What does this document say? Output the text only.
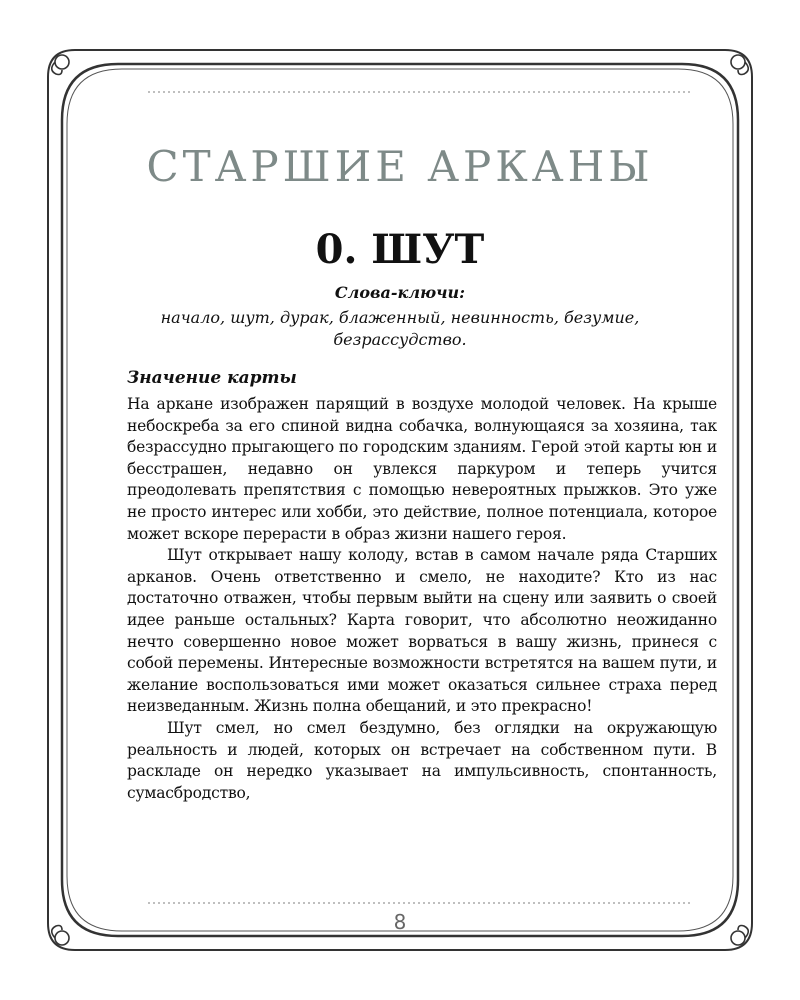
СТАРШИЕ АРКАНЫ
0. ШУТ
Слова-ключи:
начало, шут, дурак, блаженный, невинность, безумие, безрассудство.
Значение карты

На аркане изображен парящий в воздухе молодой человек. На крыше небоскреба за его спиной видна собачка, волнующаяся за хозяина, так безрассудно прыгающего по городским зданиям. Герой этой карты юн и бесстрашен, недавно он увлекся паркуром и теперь учится преодолевать препятствия с помощью невероятных прыжков. Это уже не просто интерес или хобби, это действие, полное потенциала, которое может вскоре перерасти в образ жизни нашего героя.

Шут открывает нашу колоду, встав в самом начале ряда Старших арканов. Очень ответственно и смело, не находите? Кто из нас достаточно отважен, чтобы первым выйти на сцену или заявить о своей идее раньше остальных? Карта говорит, что абсолютно неожиданно нечто совершенно новое может ворваться в вашу жизнь, принеся с собой перемены. Интересные возможности встретятся на вашем пути, и желание воспользоваться ими может оказаться сильнее страха перед неизведанным. Жизнь полна обещаний, и это прекрасно!

Шут смел, но смел бездумно, без оглядки на окружающую реальность и людей, которых он встречает на собственном пути. В раскладе он нередко указывает на импульсивность, спонтанность, сумасбродство,

8
